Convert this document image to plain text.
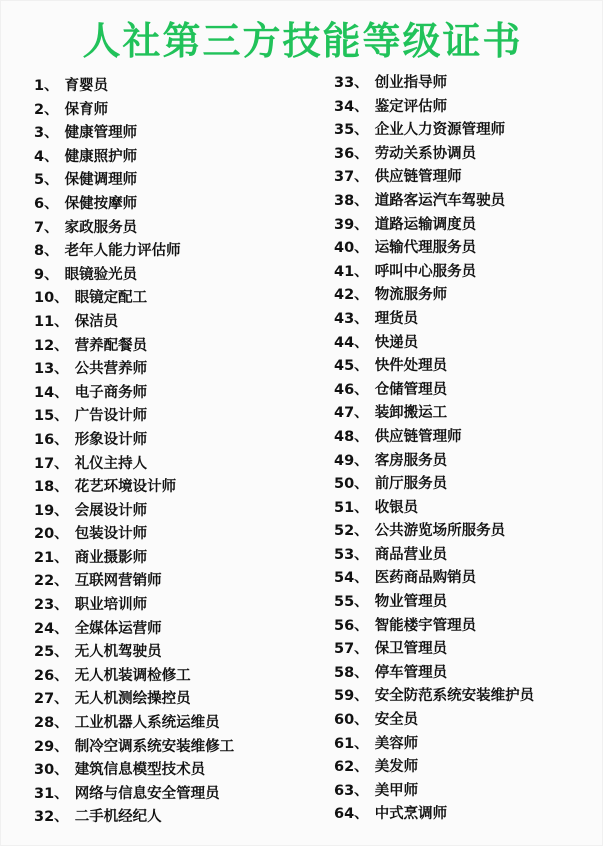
人社第三方技能等级证书
1、 育婴员
2、 保育师
3、 健康管理师
4、 健康照护师
5、 保健调理师
6、 保健按摩师
7、 家政服务员
8、 老年人能力评估师
9、 眼镜验光员
10、 眼镜定配工
11、 保洁员
12、 营养配餐员
13、 公共营养师
14、 电子商务师
15、 广告设计师
16、 形象设计师
17、 礼仪主持人
18、 花艺环境设计师
19、 会展设计师
20、 包装设计师
21、 商业摄影师
22、 互联网营销师
23、 职业培训师
24、 全媒体运营师
25、 无人机驾驶员
26、 无人机装调检修工
27、 无人机测绘操控员
28、 工业机器人系统运维员
29、 制冷空调系统安装维修工
30、 建筑信息模型技术员
31、 网络与信息安全管理员
32、 二手机经纪人
33、 创业指导师
34、 鉴定评估师
35、 企业人力资源管理师
36、 劳动关系协调员
37、 供应链管理师
38、 道路客运汽车驾驶员
39、 道路运输调度员
40、 运输代理服务员
41、 呼叫中心服务员
42、 物流服务师
43、 理货员
44、 快递员
45、 快件处理员
46、 仓储管理员
47、 装卸搬运工
48、 供应链管理师
49、 客房服务员
50、 前厅服务员
51、 收银员
52、 公共游览场所服务员
53、 商品营业员
54、 医药商品购销员
55、 物业管理员
56、 智能楼宇管理员
57、 保卫管理员
58、 停车管理员
59、 安全防范系统安装维护员
60、 安全员
61、 美容师
62、 美发师
63、 美甲师
64、 中式烹调师
